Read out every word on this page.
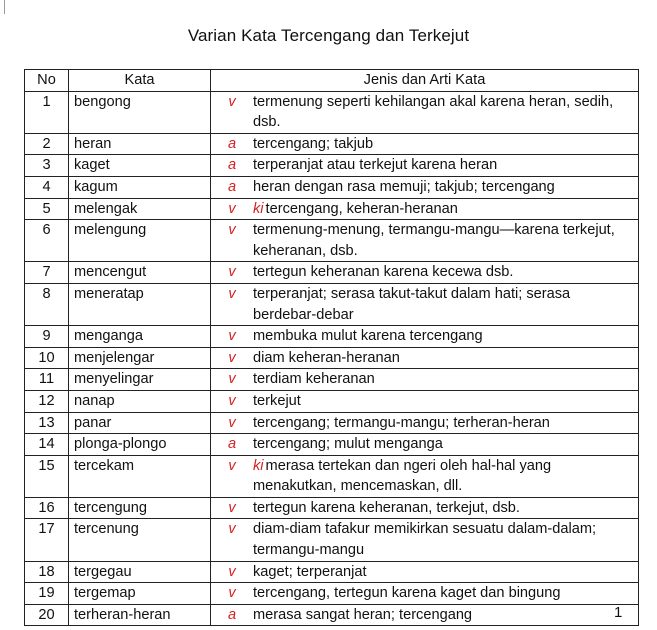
Varian Kata Tercengang dan Terkejut
No	Kata	Jenis dan Arti Kata
1	bengong	v termenung seperti kehilangan akal karena heran, sedih, dsb.

2	heran	a tercengang; takjub

3	kaget	a terperanjat atau terkejut karena heran

4	kagum	a heran dengan rasa memuji; takjub; tercengang

5	melengak	v ki tercengang, keheran-heranan

6	melengung	v termenung-menung, termangu-mangu—karena terkejut, keheranan, dsb.

7	mencengut	v tertegun keheranan karena kecewa dsb.

8	meneratap	v terperanjat; serasa takut-takut dalam hati; serasa berdebar-debar

9	menganga	v membuka mulut karena tercengang

10	menjelengar	v diam keheran-heranan

11	menyelingar	v terdiam keheranan

12	nanap	v terkejut

13	panar	v tercengang; termangu-mangu; terheran-heran

14	plonga-plongo	a tercengang; mulut menganga

15	tercekam	v ki merasa tertekan dan ngeri oleh hal-hal yang menakutkan, mencemaskan, dll.

16	tercengung	v tertegun karena keheranan, terkejut, dsb.

17	tercenung	v diam-diam tafakur memikirkan sesuatu dalam-dalam; termangu-mangu

18	tergegau	v kaget; terperanjat

19	tergemap	v tercengang, tertegun karena kaget dan bingung

20	terheran-heran	a merasa sangat heran; tercengang	1
